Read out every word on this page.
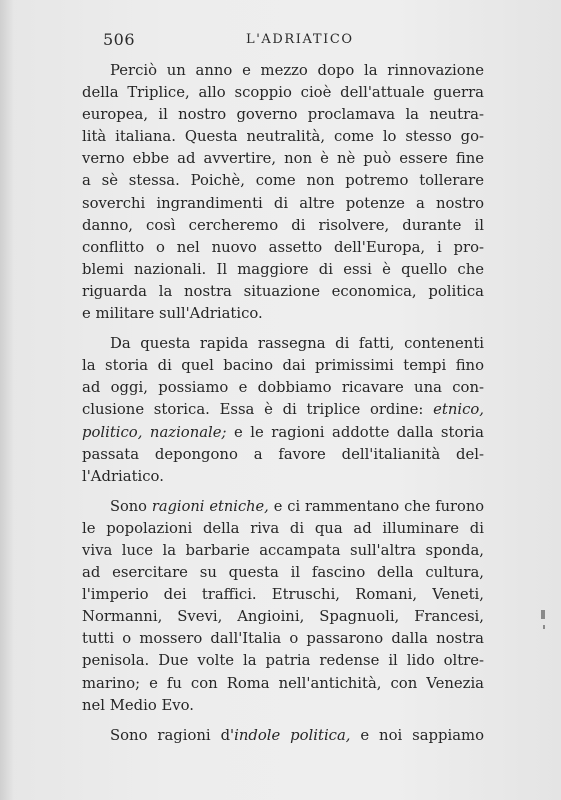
506	L'ADRIATICO

Perciò un anno e mezzo dopo la rinnovazione
della Triplice, allo scoppio cioè dell'attuale guerra
europea, il nostro governo proclamava la neutra-
lità italiana. Questa neutralità, come lo stesso go-
verno ebbe ad avvertire, non è nè può essere fine
a sè stessa. Poichè, come non potremo tollerare
soverchi ingrandimenti di altre potenze a nostro
danno, così cercheremo di risolvere, durante il
conflitto o nel nuovo assetto dell'Europa, i pro-
blemi nazionali. Il maggiore di essi è quello che
riguarda la nostra situazione economica, politica
e militare sull'Adriatico.

Da questa rapida rassegna di fatti, contenenti
la storia di quel bacino dai primissimi tempi fino
ad oggi, possiamo e dobbiamo ricavare una con-
clusione storica. Essa è di triplice ordine: etnico,
politico, nazionale; e le ragioni addotte dalla storia
passata depongono a favore dell'italianità del-
l'Adriatico.

Sono ragioni etniche, e ci rammentano che furono
le popolazioni della riva di qua ad illuminare di
viva luce la barbarie accampata sull'altra sponda,
ad esercitare su questa il fascino della cultura,
l'imperio dei traffici. Etruschi, Romani, Veneti,
Normanni, Svevi, Angioini, Spagnuoli, Francesi,
tutti o mossero dall'Italia o passarono dalla nostra
penisola. Due volte la patria redense il lido oltre-
marino; e fu con Roma nell'antichità, con Venezia
nel Medio Evo.

Sono ragioni d'indole politica, e noi sappiamo
